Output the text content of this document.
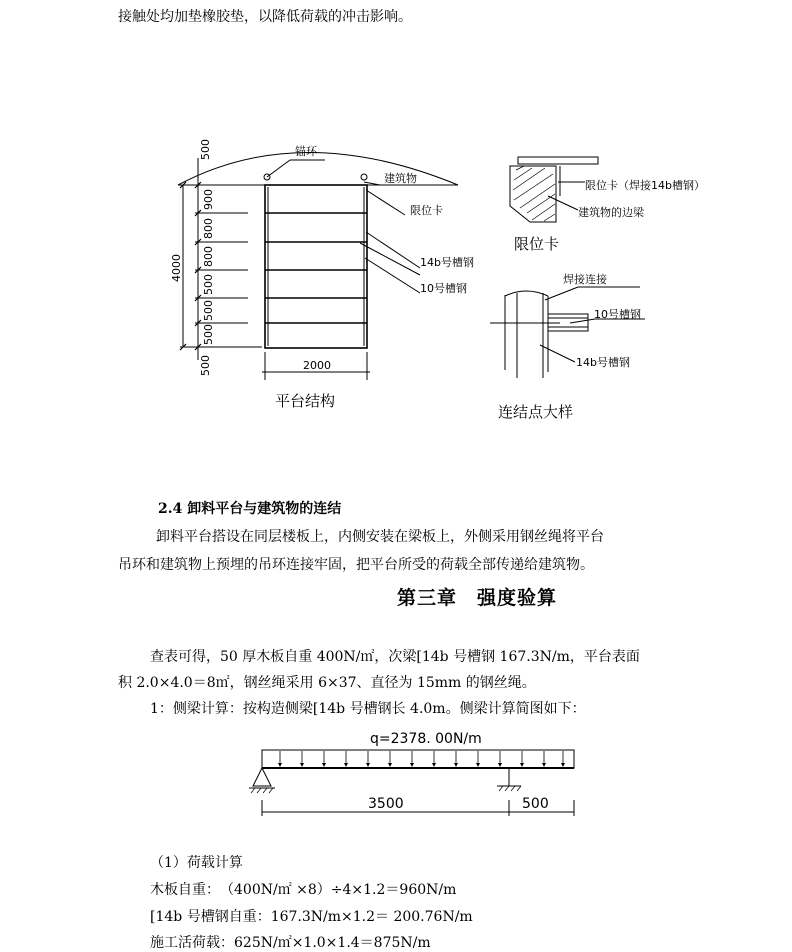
接触处均加垫橡胶垫，以降低荷载的冲击影响。
锚环
建筑物
限位卡
14b号槽钢
10号槽钢
500
500
4000
900
800
800
500
500
500
2000
平台结构
限位卡（焊接14b槽钢）
建筑物的边梁
限位卡
焊接连接
10号槽钢
14b号槽钢
连结点大样
2.4 卸料平台与建筑物的连结
卸料平台搭设在同层楼板上，内侧安装在梁板上，外侧采用钢丝绳将平台
吊环和建筑物上预埋的吊环连接牢固，把平台所受的荷载全部传递给建筑物。
第三章　强度验算
查表可得，50 厚木板自重 400N/㎡，次梁[14b 号槽钢 167.3N/m，平台表面
积 2.0×4.0＝8㎡，钢丝绳采用 6×37、直径为 15mm 的钢丝绳。
1：侧梁计算：按构造侧梁[14b 号槽钢长 4.0m。侧梁计算简图如下：
q=2378. 00N/m
3500	500
（1）荷载计算
木板自重：　（400N/㎡ ×8）÷4×1.2＝960N/m
[14b 号槽钢自重：167.3N/m×1.2＝ 200.76N/m
施工活荷载：625N/㎡×1.0×1.4＝875N/m
